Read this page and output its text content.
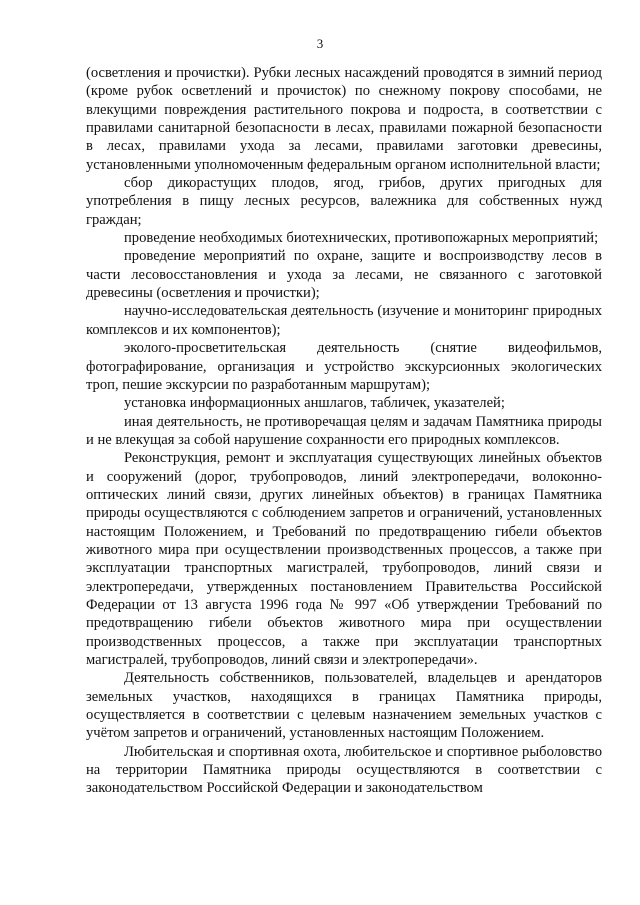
3

(осветления и прочистки). Рубки лесных насаждений проводятся в зимний период (кроме рубок осветлений и прочисток) по снежному покрову способами, не влекущими повреждения растительного покрова и подроста, в соответствии с правилами санитарной безопасности в лесах, правилами пожарной безопасности в лесах, правилами ухода за лесами, правилами заготовки древесины, установленными уполномоченным федеральным органом исполнительной власти;

сбор дикорастущих плодов, ягод, грибов, других пригодных для употребления в пищу лесных ресурсов, валежника для собственных нужд граждан;

проведение необходимых биотехнических, противопожарных мероприятий;

проведение мероприятий по охране, защите и воспроизводству лесов в части лесовосстановления и ухода за лесами, не связанного с заготовкой древесины (осветления и прочистки);

научно-исследовательская деятельность (изучение и мониторинг природных комплексов и их компонентов);

эколого-просветительская деятельность (снятие видеофильмов, фотографирование, организация и устройство экскурсионных экологических троп, пешие экскурсии по разработанным маршрутам);

установка информационных аншлагов, табличек, указателей;

иная деятельность, не противоречащая целям и задачам Памятника природы и не влекущая за собой нарушение сохранности его природных комплексов.

Реконструкция, ремонт и эксплуатация существующих линейных объектов и сооружений (дорог, трубопроводов, линий электропередачи, волоконно-оптических линий связи, других линейных объектов) в границах Памятника природы осуществляются с соблюдением запретов и ограничений, установленных настоящим Положением, и Требований по предотвращению гибели объектов животного мира при осуществлении производственных процессов, а также при эксплуатации транспортных магистралей, трубопроводов, линий связи и электропередачи, утвержденных постановлением Правительства Российской Федерации от 13 августа 1996 года № 997 «Об утверждении Требований по предотвращению гибели объектов животного мира при осуществлении производственных процессов, а также при эксплуатации транспортных магистралей, трубопроводов, линий связи и электропередачи».

Деятельность собственников, пользователей, владельцев и арендаторов земельных участков, находящихся в границах Памятника природы, осуществляется в соответствии с целевым назначением земельных участков с учётом запретов и ограничений, установленных настоящим Положением.

Любительская и спортивная охота, любительское и спортивное рыболовство на территории Памятника природы осуществляются в соответствии с законодательством Российской Федерации и законодательством
